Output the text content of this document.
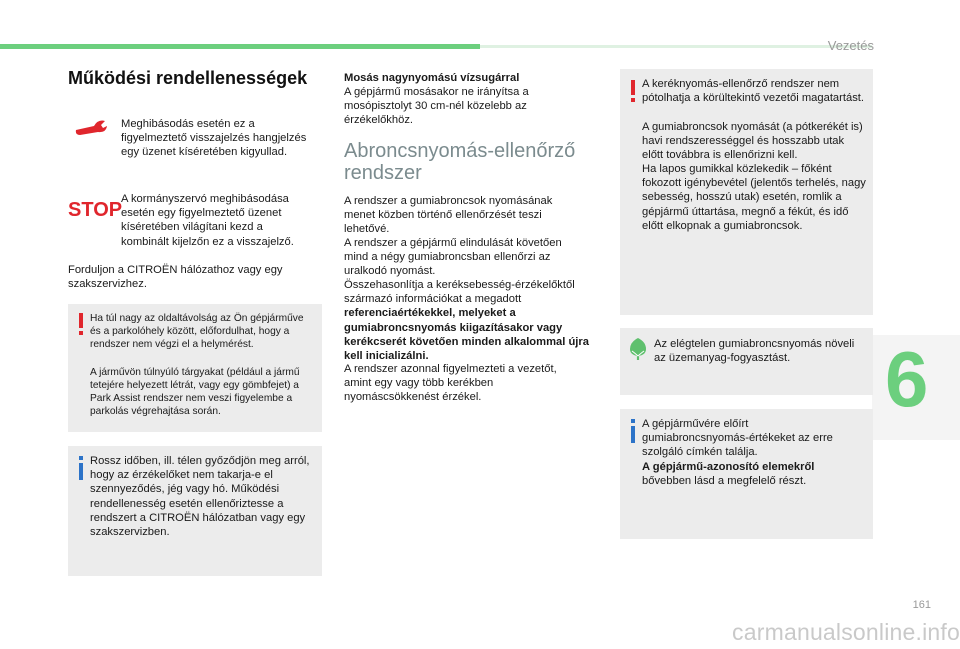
Vezetés
6
161
carmanualsonline.info
Működési rendellenességek

Meghibásodás esetén ez a figyelmeztető visszajelzés hangjelzés egy üzenet kíséretében kigyullad.

STOP

A kormányszervó meghibásodása esetén egy figyelmeztető üzenet kíséretében világítani kezd a kombinált kijelzőn ez a visszajelző.

Forduljon a CITROËN hálózathoz vagy egy szakszervizhez.

Ha túl nagy az oldaltávolság az Ön gépjárműve és a parkolóhely között, előfordulhat, hogy a rendszer nem végzi el a helymérést.

A járművön túlnyúló tárgyakat (például a jármű tetejére helyezett létrát, vagy egy gömbfejet) a Park Assist rendszer nem veszi figyelembe a parkolás végrehajtása során.

Rossz időben, ill. télen győződjön meg arról, hogy az érzékelőket nem takarja-e el szennyeződés, jég vagy hó. Működési rendellenesség esetén ellenőriztesse a rendszert a CITROËN hálózatban vagy egy szakszervizben.

Mosás nagynyomású vízsugárral

A gépjármű mosásakor ne irányítsa a mosópisztolyt 30 cm-nél közelebb az érzékelőkhöz.

Abroncsnyomás-ellenőrző rendszer

A rendszer a gumiabroncsok nyomásának menet közben történő ellenőrzését teszi lehetővé.

A rendszer a gépjármű elindulását követően mind a négy gumiabroncsban ellenőrzi az uralkodó nyomást.

Összehasonlítja a keréksebesség-érzékelőktől származó információkat a megadott referenciaértékekkel, melyeket a gumiabroncsnyomás kiigazításakor vagy kerékcserét követően minden alkalommal újra kell inicializálni.

A rendszer azonnal figyelmezteti a vezetőt, amint egy vagy több kerékben nyomáscsökkenést érzékel.

A keréknyomás-ellenőrző rendszer nem pótolhatja a körültekintő vezetői magatartást.

A gumiabroncsok nyomását (a pótkerékét is) havi rendszerességgel és hosszabb utak előtt továbbra is ellenőrizni kell.

Ha lapos gumikkal közlekedik – főként fokozott igénybevétel (jelentős terhelés, nagy sebesség, hosszú utak) esetén, romlik a gépjármű úttartása, megnő a fékút, és idő előtt elkopnak a gumiabroncsok.

Az elégtelen gumiabroncsnyomás növeli az üzemanyag-fogyasztást.

A gépjárművére előírt gumiabroncsnyomás-értékeket az erre szolgáló címkén találja.

A gépjármű-azonosító elemekről

bővebben lásd a megfelelő részt.
